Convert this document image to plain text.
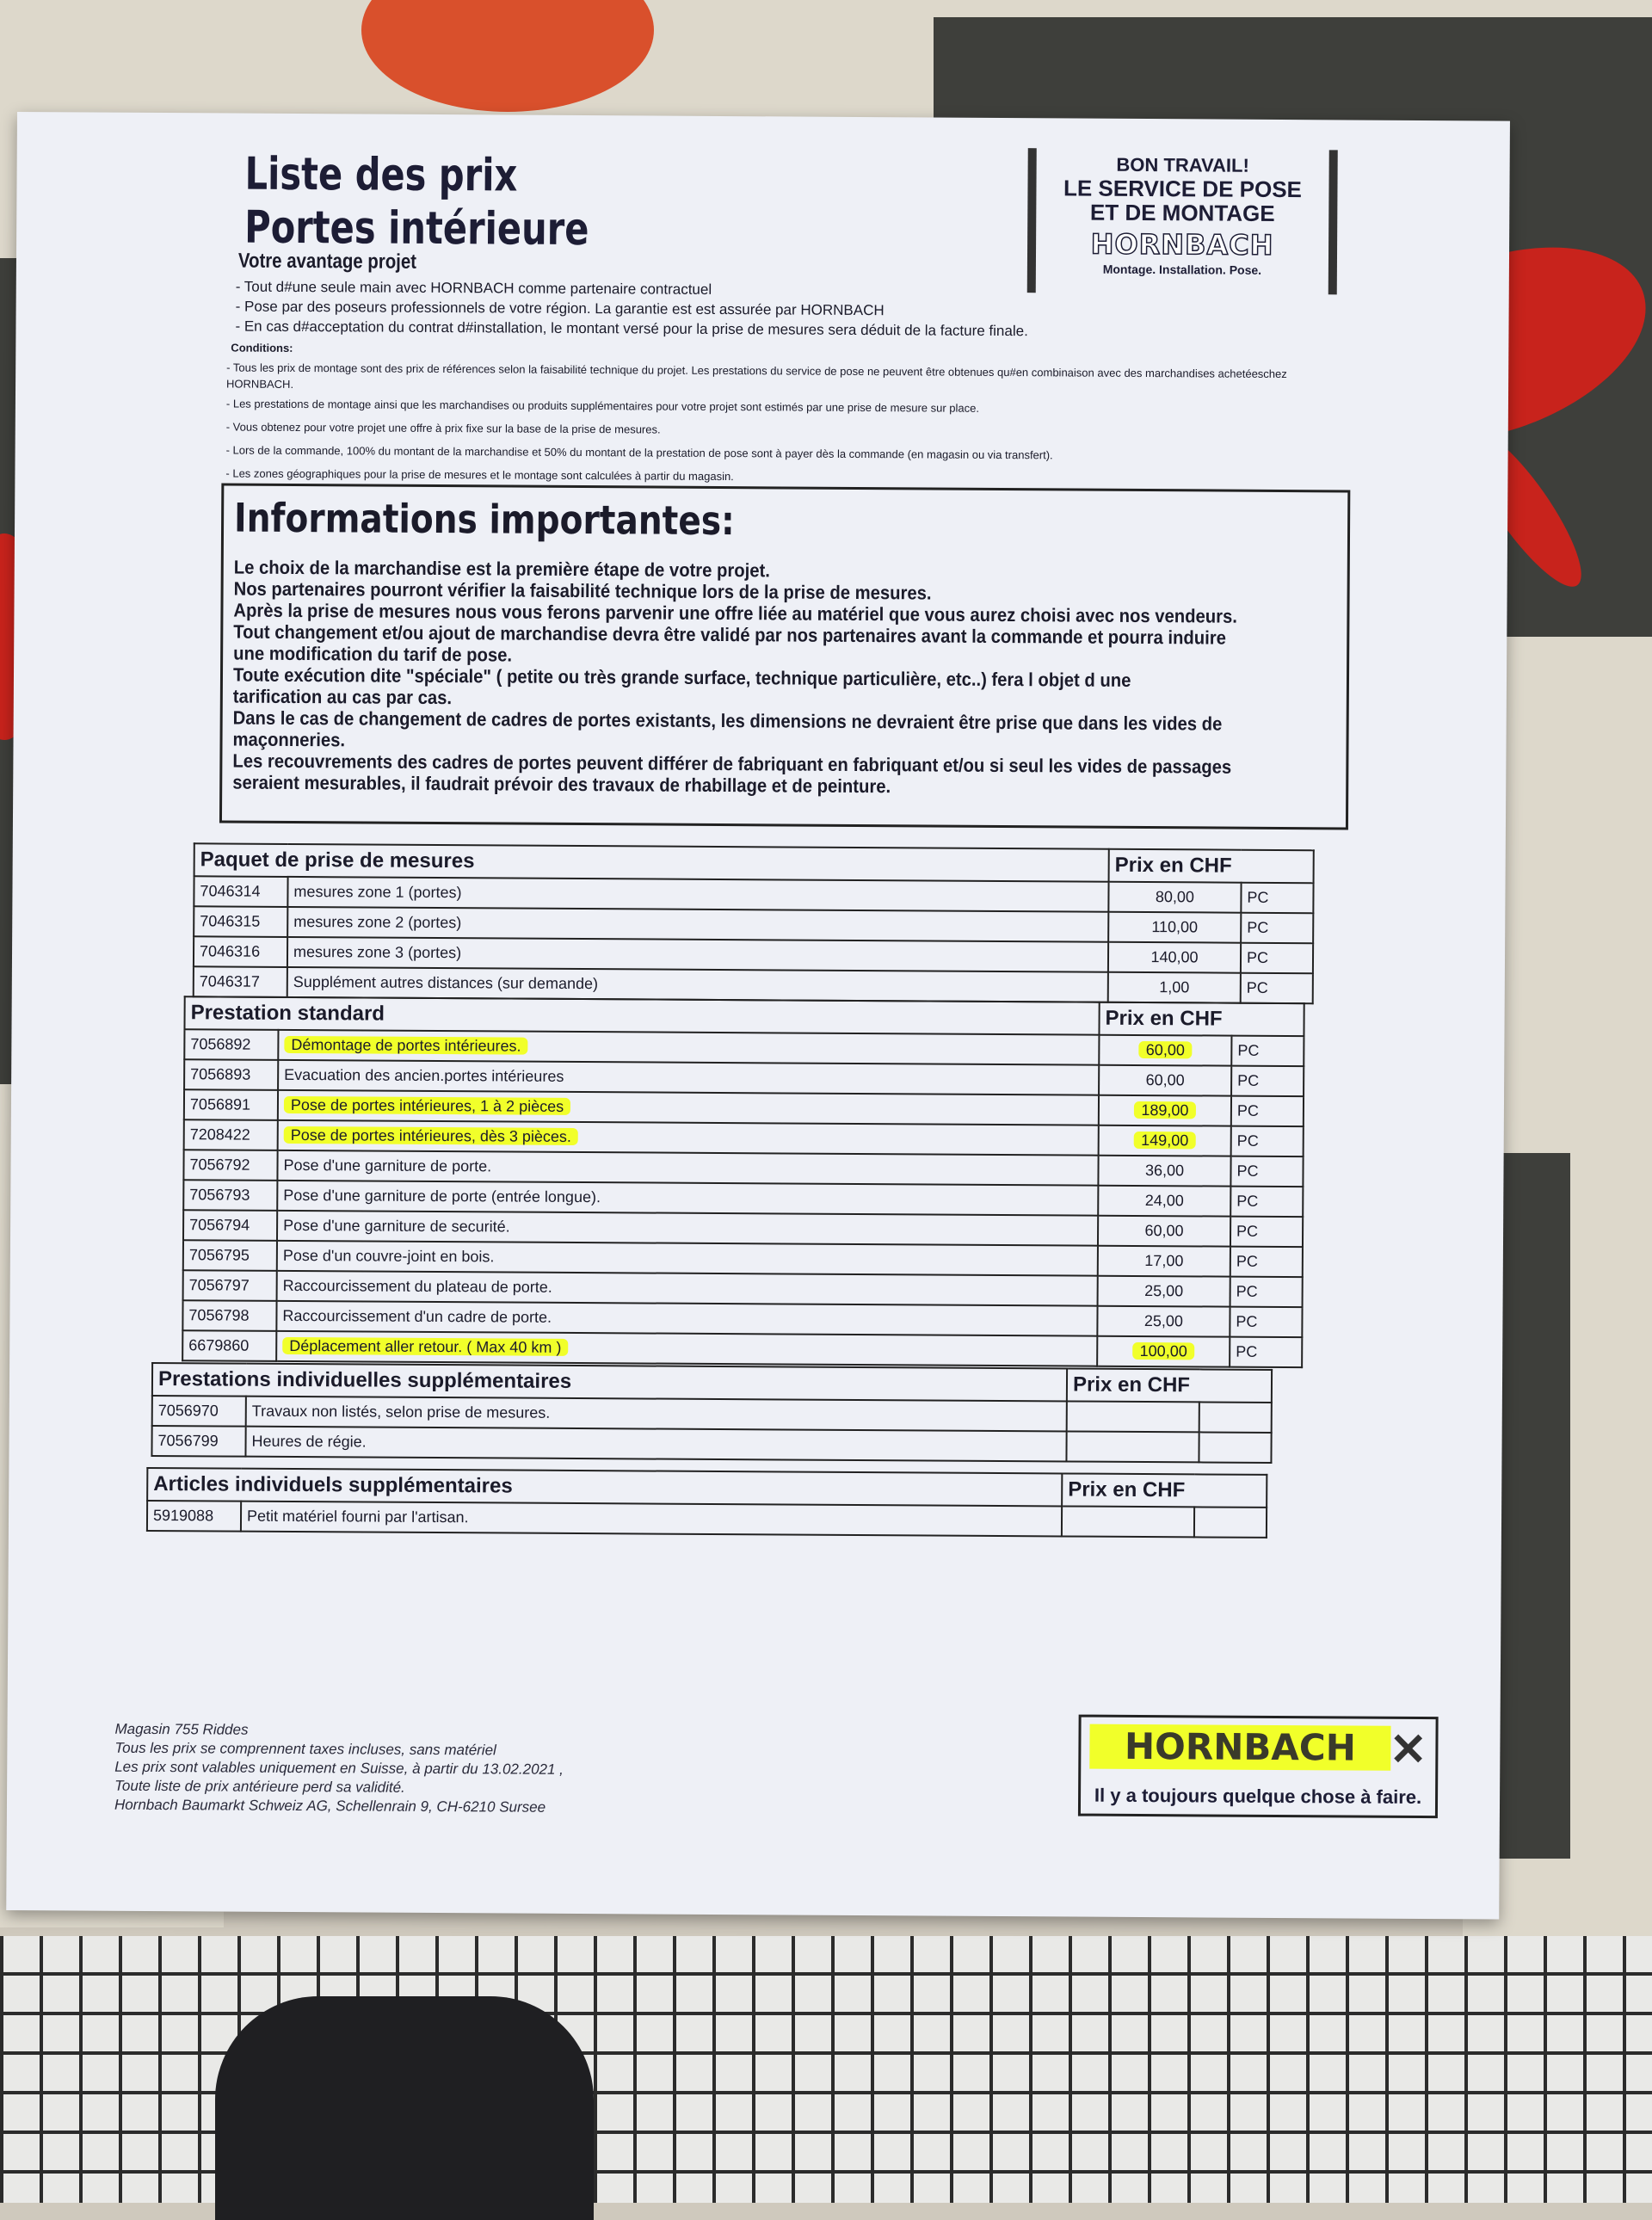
Liste des prix
Portes intérieure
Votre avantage projet
- Tout d#une seule main avec HORNBACH comme partenaire contractuel
- Pose par des poseurs professionnels de votre région. La garantie est est assurée par HORNBACH
- En cas d#acceptation du contrat d#installation, le montant versé pour la prise de mesures sera déduit de la facture finale.
Conditions:
- Tous les prix de montage sont des prix de références selon la faisabilité technique du projet. Les prestations du service de pose ne peuvent être obtenues qu#en combinaison avec des marchandises achetéeschez HORNBACH.
- Les prestations de montage ainsi que les marchandises ou produits supplémentaires pour votre projet sont estimés par une prise de mesure sur place.
- Vous obtenez pour votre projet une offre à prix fixe sur la base de la prise de mesures.
- Lors de la commande, 100% du montant de la marchandise et 50% du montant de la prestation de pose sont à payer dès la commande (en magasin ou via transfert).
- Les zones géographiques pour la prise de mesures et le montage sont calculées à partir du magasin.
BON TRAVAIL!
LE SERVICE DE POSE
ET DE MONTAGE
HORNBACH
Montage. Installation. Pose.
Informations importantes:
Le choix de la marchandise est la première étape de votre projet.
Nos partenaires pourront vérifier la faisabilité technique lors de la prise de mesures.
Après la prise de mesures nous vous ferons parvenir une offre liée au matériel que vous aurez choisi avec nos vendeurs.
Tout changement et/ou ajout de marchandise devra être validé par nos partenaires avant la commande et pourra induire
une modification du tarif de pose.
Toute exécution dite "spéciale" ( petite ou très grande surface, technique particulière, etc..) fera l objet d une
tarification au cas par cas.
Dans le cas de changement de cadres de portes existants, les dimensions ne devraient être prise que dans les vides de
maçonneries.
Les recouvrements des cadres de portes peuvent différer de fabriquant en fabriquant et/ou si seul les vides de passages
seraient mesurables, il faudrait prévoir des travaux de rhabillage et de peinture.
Paquet de prise de mesures		Prix en CHF	
7046314	mesures zone 1 (portes)	80,00	PC
7046315	mesures zone 2 (portes)	110,00	PC
7046316	mesures zone 3 (portes)	140,00	PC
7046317	Supplément autres distances (sur demande)	1,00	PC
Prestation standard		Prix en CHF	
7056892	Démontage de portes intérieures.	60,00	PC
7056893	Evacuation des ancien.portes intérieures	60,00	PC
7056891	Pose de portes intérieures, 1 à 2 pièces	189,00	PC
7208422	Pose de portes intérieures, dès 3 pièces.	149,00	PC
7056792	Pose d'une garniture de porte.	36,00	PC
7056793	Pose d'une garniture de porte (entrée longue).	24,00	PC
7056794	Pose d'une garniture de securité.	60,00	PC
7056795	Pose d'un couvre-joint en bois.	17,00	PC
7056797	Raccourcissement du plateau de porte.	25,00	PC
7056798	Raccourcissement d'un cadre de porte.	25,00	PC
6679860	Déplacement aller retour. ( Max 40 km )	100,00	PC
Prestations individuelles supplémentaires		Prix en CHF	
7056970	Travaux non listés, selon prise de mesures.		
7056799	Heures de régie.		
Articles individuels supplémentaires		Prix en CHF	
5919088	Petit matériel fourni par l'artisan.		
Magasin 755 Riddes
Tous les prix se comprennent taxes incluses, sans matériel
Les prix sont valables uniquement en Suisse, à partir du 13.02.2021 ,
Toute liste de prix antérieure perd sa validité.
Hornbach Baumarkt Schweiz AG, Schellenrain 9, CH-6210 Sursee
HORNBACH ✕
Il y a toujours quelque chose à faire.
